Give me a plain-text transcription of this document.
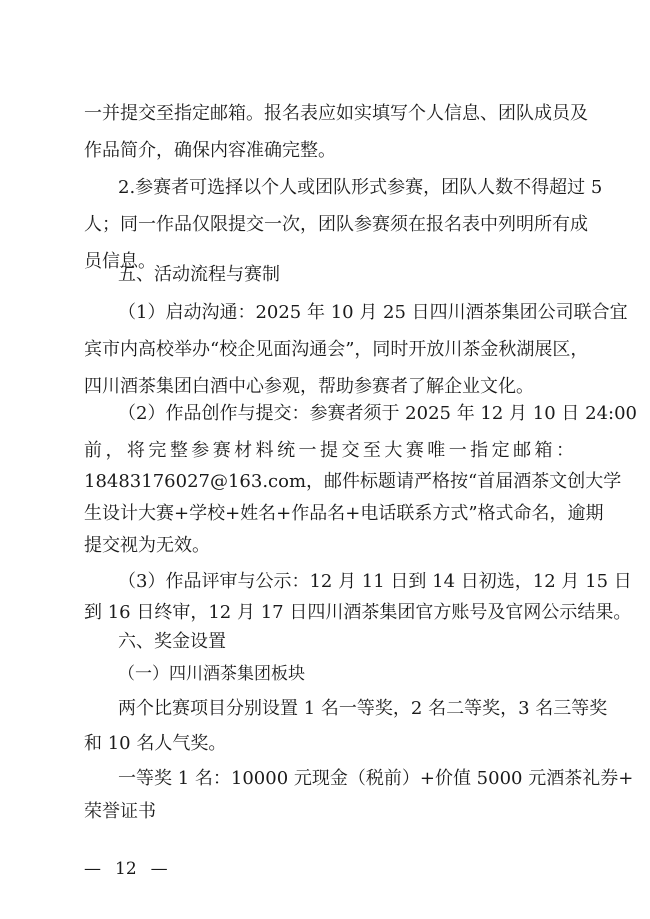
一并提交至指定邮箱。报名表应如实填写个人信息、团队成员及
作品简介，确保内容准确完整。
2.参赛者可选择以个人或团队形式参赛，团队人数不得超过 5
人；同一作品仅限提交一次，团队参赛须在报名表中列明所有成
员信息。
五、活动流程与赛制
（1）启动沟通：2025 年 10 月 25 日四川酒茶集团公司联合宜
宾市内高校举办“校企见面沟通会”，同时开放川茶金秋湖展区，
四川酒茶集团白酒中心参观，帮助参赛者了解企业文化。
（2）作品创作与提交：参赛者须于 2025 年 12 月 10 日 24:00
前，将完整参赛材料统一提交至大赛唯一指定邮箱：
18483176027@163.com，邮件标题请严格按“首届酒茶文创大学
生设计大赛+学校+姓名+作品名+电话联系方式”格式命名，逾期
提交视为无效。
（3）作品评审与公示：12 月 11 日到 14 日初选，12 月 15 日
到 16 日终审，12 月 17 日四川酒茶集团官方账号及官网公示结果。
六、奖金设置
（一）四川酒茶集团板块
两个比赛项目分别设置 1 名一等奖，2 名二等奖，3 名三等奖
和 10 名人气奖。
一等奖 1 名：10000 元现金（税前）+价值 5000 元酒茶礼券+
荣誉证书
— 12 —
